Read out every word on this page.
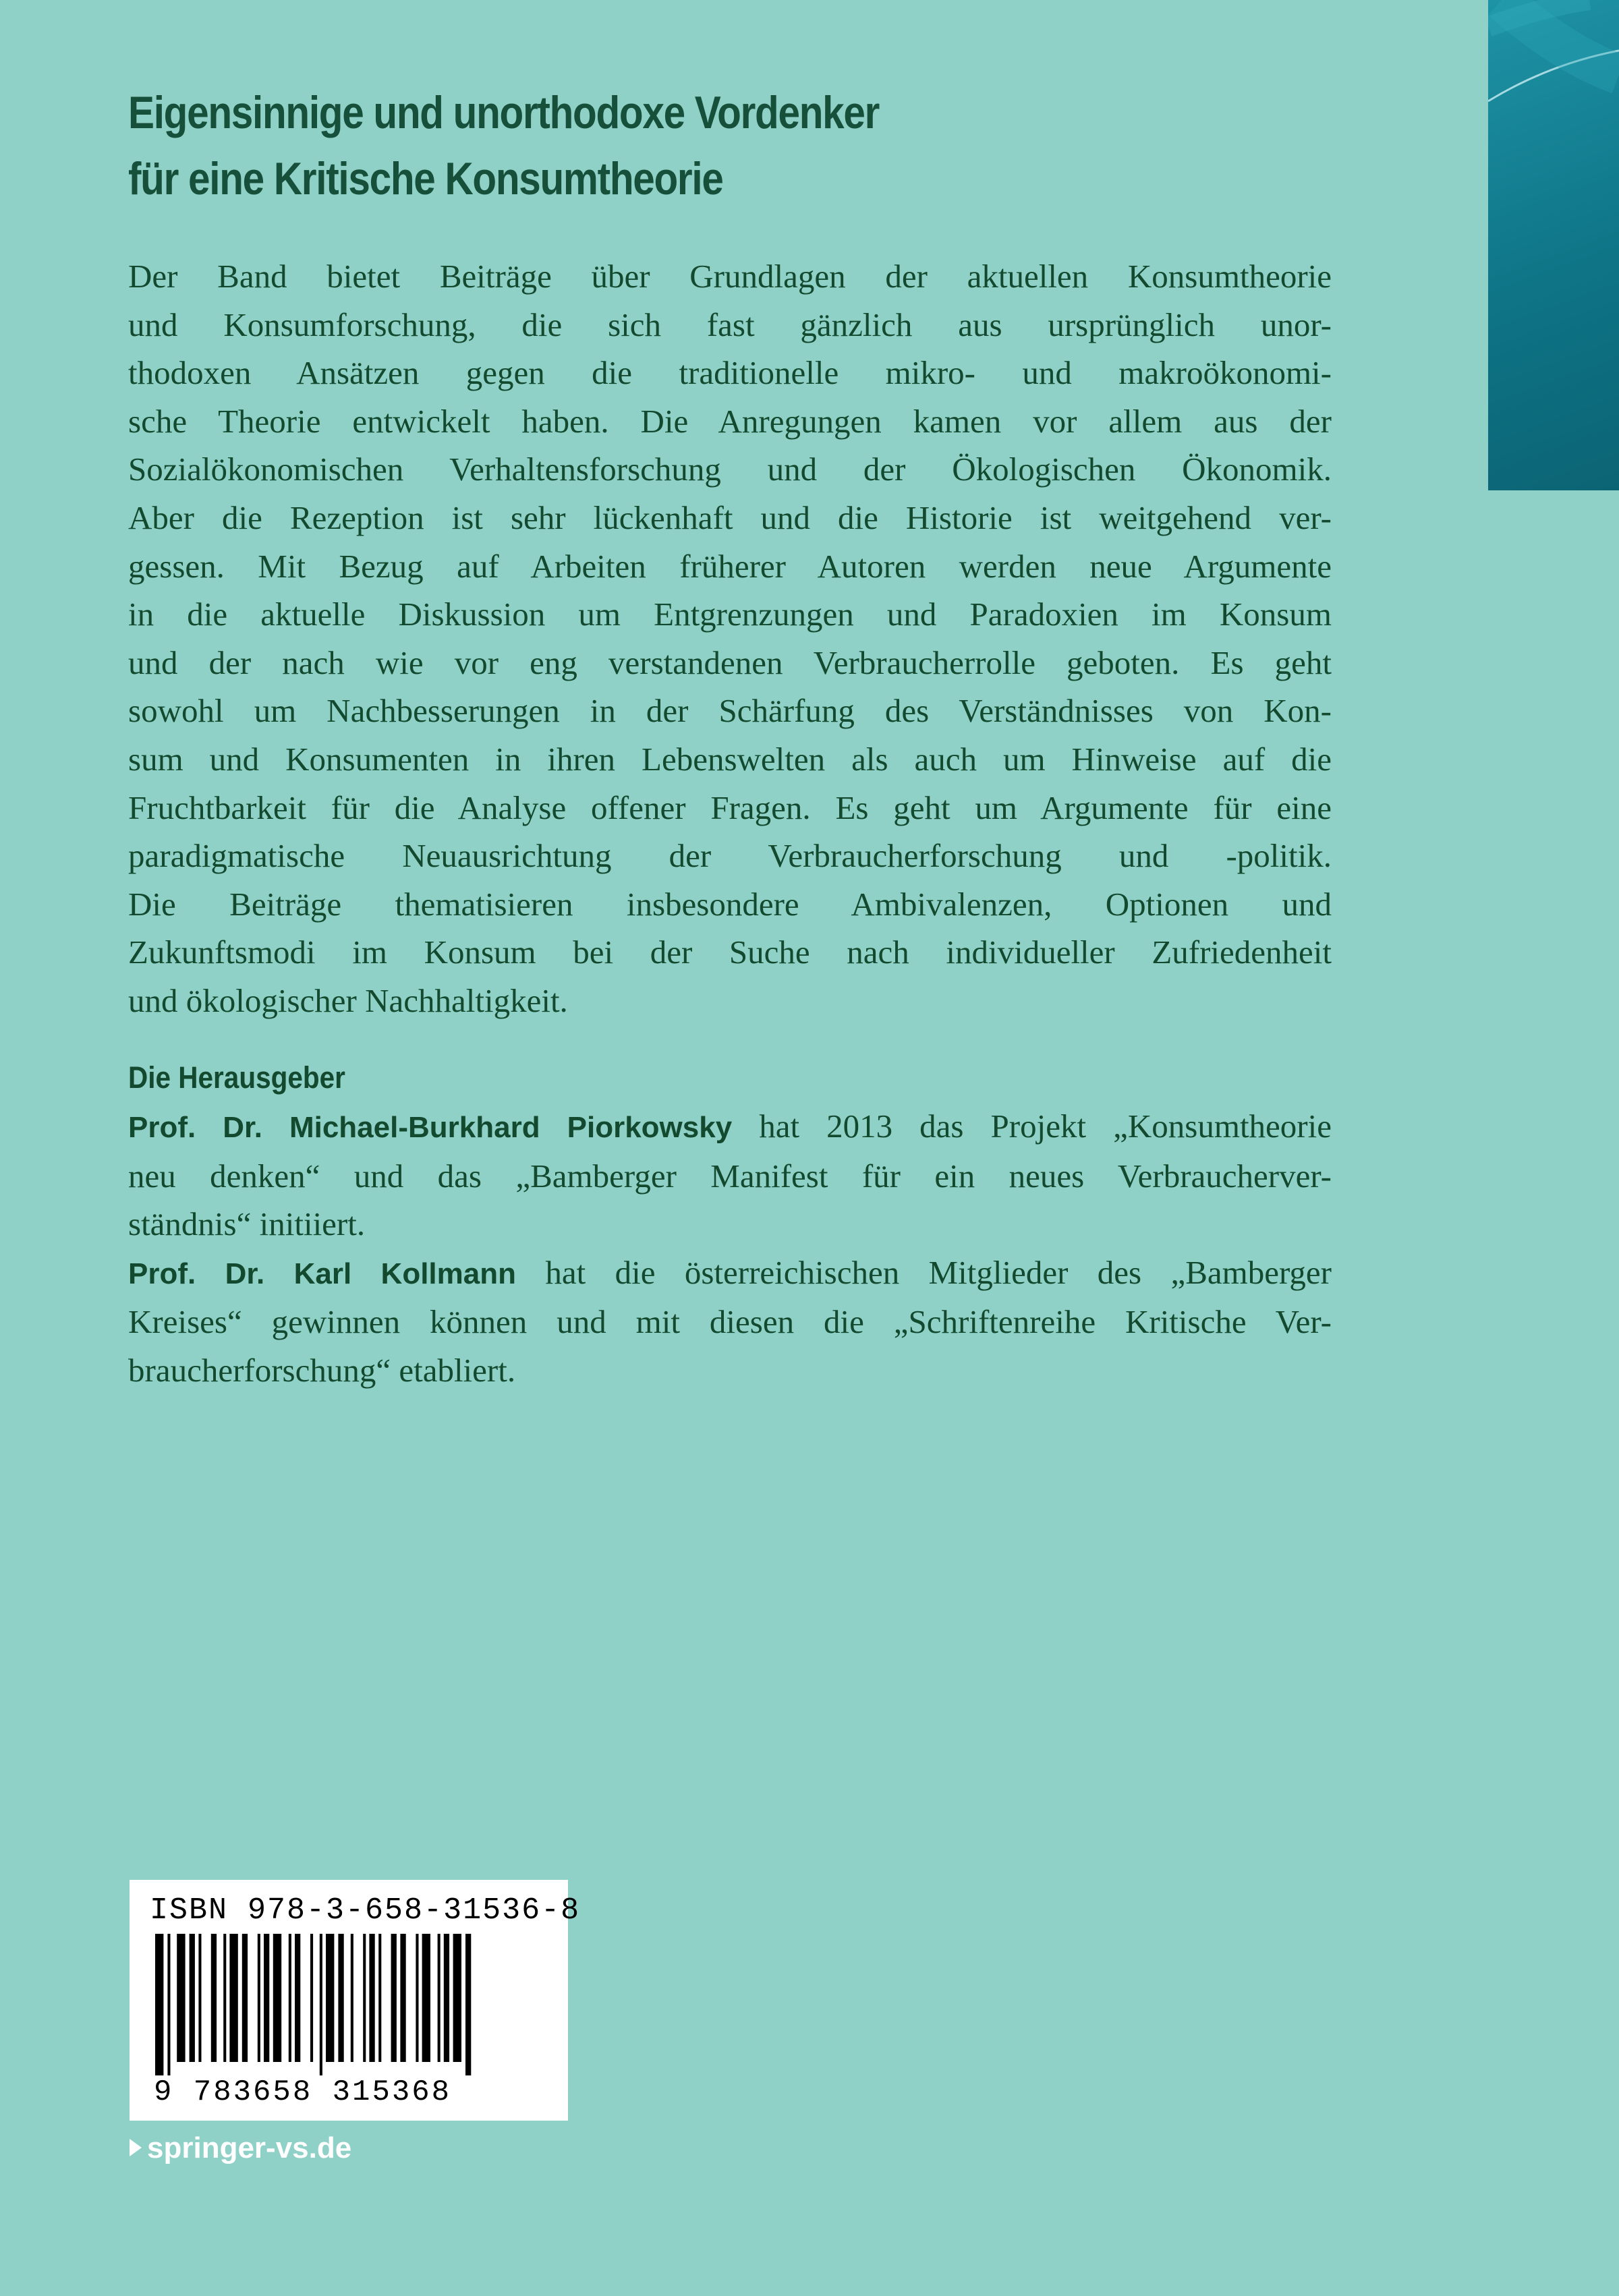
Eigensinnige und unorthodoxe Vordenker
für eine Kritische Konsumtheorie
Der Band bietet Beiträge über Grundlagen der aktuellen Konsumtheorie
und Konsumforschung, die sich fast gänzlich aus ursprünglich unor-
thodoxen Ansätzen gegen die traditionelle mikro- und makroökonomi-
sche Theorie entwickelt haben. Die Anregungen kamen vor allem aus der
Sozialökonomischen Verhaltensforschung und der Ökologischen Ökonomik.
Aber die Rezeption ist sehr lückenhaft und die Historie ist weitgehend ver-
gessen. Mit Bezug auf Arbeiten früherer Autoren werden neue Argumente
in die aktuelle Diskussion um Entgrenzungen und Paradoxien im Konsum
und der nach wie vor eng verstandenen Verbraucherrolle geboten. Es geht
sowohl um Nachbesserungen in der Schärfung des Verständnisses von Kon-
sum und Konsumenten in ihren Lebenswelten als auch um Hinweise auf die
Fruchtbarkeit für die Analyse offener Fragen. Es geht um Argumente für eine
paradigmatische Neuausrichtung der Verbraucherforschung und -politik.
Die Beiträge thematisieren insbesondere Ambivalenzen, Optionen und
Zukunftsmodi im Konsum bei der Suche nach individueller Zufriedenheit
und ökologischer Nachhaltigkeit.
Die Herausgeber
Prof. Dr. Michael-Burkhard Piorkowsky hat 2013 das Projekt „Konsumtheorie
neu denken“ und das „Bamberger Manifest für ein neues Verbraucherver-
ständnis“ initiiert.
Prof. Dr. Karl Kollmann hat die österreichischen Mitglieder des „Bamberger
Kreises“ gewinnen können und mit diesen die „Schriftenreihe Kritische Ver-
braucherforschung“ etabliert.
ISBN 978-3-658-31536-8
9 783658 315368
springer-vs.de
